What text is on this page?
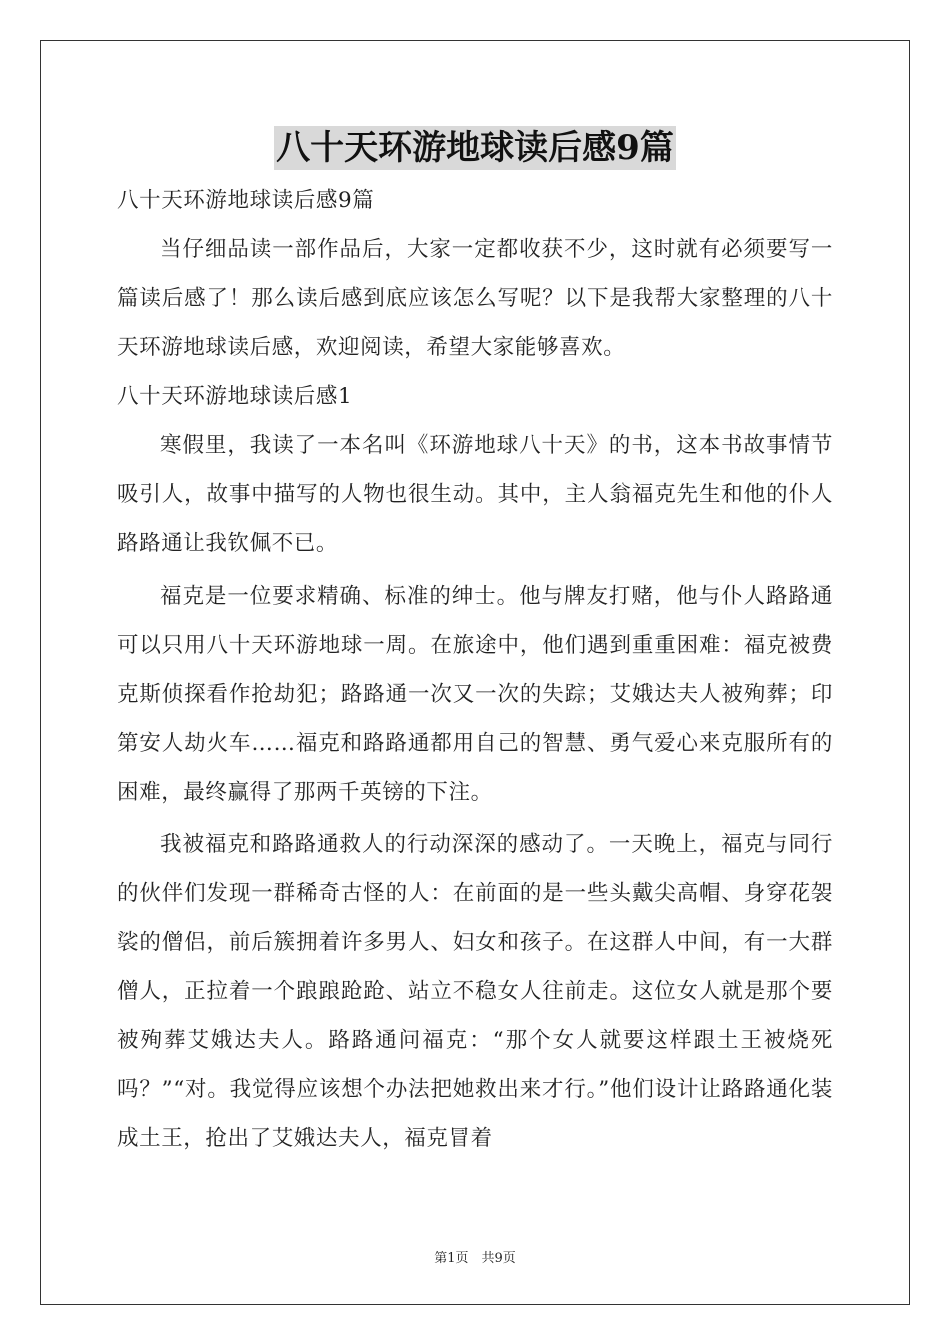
八十天环游地球读后感9篇

八十天环游地球读后感9篇

当仔细品读一部作品后，大家一定都收获不少，这时就有必须要写一篇读后感了！那么读后感到底应该怎么写呢？以下是我帮大家整理的八十天环游地球读后感，欢迎阅读，希望大家能够喜欢。

八十天环游地球读后感1

寒假里，我读了一本名叫《环游地球八十天》的书，这本书故事情节吸引人，故事中描写的人物也很生动。其中，主人翁福克先生和他的仆人路路通让我钦佩不已。

福克是一位要求精确、标准的绅士。他与牌友打赌，他与仆人路路通可以只用八十天环游地球一周。在旅途中，他们遇到重重困难：福克被费克斯侦探看作抢劫犯；路路通一次又一次的失踪；艾娥达夫人被殉葬；印第安人劫火车……福克和路路通都用自己的智慧、勇气爱心来克服所有的困难，最终赢得了那两千英镑的下注。

我被福克和路路通救人的行动深深的感动了。一天晚上，福克与同行的伙伴们发现一群稀奇古怪的人：在前面的是一些头戴尖高帽、身穿花袈裟的僧侣，前后簇拥着许多男人、妇女和孩子。在这群人中间，有一大群僧人，正拉着一个踉踉跄跄、站立不稳女人往前走。这位女人就是那个要被殉葬艾娥达夫人。路路通问福克：“那个女人就要这样跟土王被烧死吗？”“对。我觉得应该想个办法把她救出来才行。”他们设计让路路通化装成土王，抢出了艾娥达夫人，福克冒着

第1页　共9页
